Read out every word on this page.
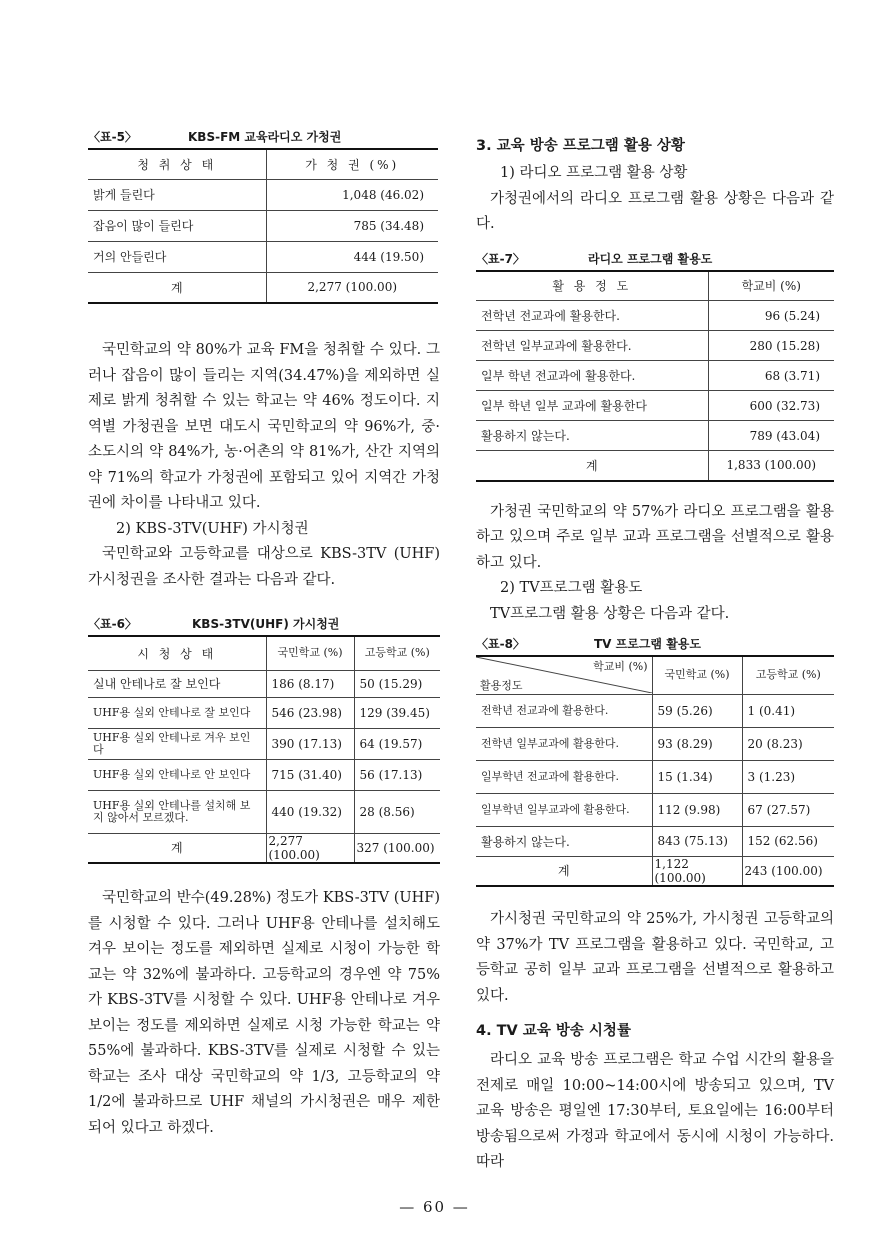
〈표-5〉	KBS-FM 교육라디오 가청권
청 취 상 태	가 청 권 (%)
밝게 들린다	1,048 (46.02)
잡음이 많이 들린다	785 (34.48)
거의 안들린다	444 (19.50)
계	2,277 (100.00)

국민학교의 약 80%가 교육 FM을 청취할 수 있다. 그러나 잡음이 많이 들리는 지역(34.47%)을 제외하면 실제로 밝게 청취할 수 있는 학교는 약 46% 정도이다. 지역별 가청권을 보면 대도시 국민학교의 약 96%가, 중·소도시의 약 84%가, 농·어촌의 약 81%가, 산간 지역의 약 71%의 학교가 가청권에 포함되고 있어 지역간 가청권에 차이를 나타내고 있다.

2) KBS-3TV(UHF) 가시청권

국민학교와 고등학교를 대상으로 KBS-3TV (UHF) 가시청권을 조사한 결과는 다음과 같다.

〈표-6〉	KBS-3TV(UHF) 가시청권
시 청 상 태	국민학교 (%)	고등학교 (%)
실내 안테나로 잘 보인다	186 (8.17)	50 (15.29)
UHF용 실외 안테나로 잘 보인다	546 (23.98)	129 (39.45)
UHF용 실외 안테나로 겨우 보인다	390 (17.13)	64 (19.57)
UHF용 실외 안테나로 안 보인다	715 (31.40)	56 (17.13)
UHF용 실외 안테나를 설치해 보지 않아서 모르겠다.	440 (19.32)	28 (8.56)
계	2,277 (100.00)	327 (100.00)

국민학교의 반수(49.28%) 정도가 KBS-3TV (UHF)를 시청할 수 있다. 그러나 UHF용 안테나를 설치해도 겨우 보이는 정도를 제외하면 실제로 시청이 가능한 학교는 약 32%에 불과하다. 고등학교의 경우엔 약 75%가 KBS-3TV를 시청할 수 있다. UHF용 안테나로 겨우 보이는 정도를 제외하면 실제로 시청 가능한 학교는 약 55%에 불과하다. KBS-3TV를 실제로 시청할 수 있는 학교는 조사 대상 국민학교의 약 1/3, 고등학교의 약 1/2에 불과하므로 UHF 채널의 가시청권은 매우 제한되어 있다고 하겠다.

3. 교육 방송 프로그램 활용 상황

1) 라디오 프로그램 활용 상황

가청권에서의 라디오 프로그램 활용 상황은 다음과 같다.

〈표-7〉	라디오 프로그램 활용도
활 용 정 도	학교비 (%)
전학년 전교과에 활용한다.	96 (5.24)
전학년 일부교과에 활용한다.	280 (15.28)
일부 학년 전교과에 활용한다.	68 (3.71)
일부 학년 일부 교과에 활용한다	600 (32.73)
활용하지 않는다.	789 (43.04)
계	1,833 (100.00)

가청권 국민학교의 약 57%가 라디오 프로그램을 활용하고 있으며 주로 일부 교과 프로그램을 선별적으로 활용하고 있다.

2) TV프로그램 활용도

TV프로그램 활용 상황은 다음과 같다.

〈표-8〉	TV 프로그램 활용도
학교비 (%)
활용정도	국민학교 (%)	고등학교 (%)
전학년 전교과에 활용한다.	59 (5.26)	1 (0.41)
전학년 일부교과에 활용한다.	93 (8.29)	20 (8.23)
일부학년 전교과에 활용한다.	15 (1.34)	3 (1.23)
일부학년 일부교과에 활용한다.	112 (9.98)	67 (27.57)
활용하지 않는다.	843 (75.13)	152 (62.56)
계	1,122 (100.00)	243 (100.00)

가시청권 국민학교의 약 25%가, 가시청권 고등학교의 약 37%가 TV 프로그램을 활용하고 있다. 국민학교, 고등학교 공히 일부 교과 프로그램을 선별적으로 활용하고 있다.

4. TV 교육 방송 시청률

라디오 교육 방송 프로그램은 학교 수업 시간의 활용을 전제로 매일 10:00~14:00시에 방송되고 있으며, TV 교육 방송은 평일엔 17:30부터, 토요일에는 16:00부터 방송됨으로써 가정과 학교에서 동시에 시청이 가능하다. 따라

— 60 —
